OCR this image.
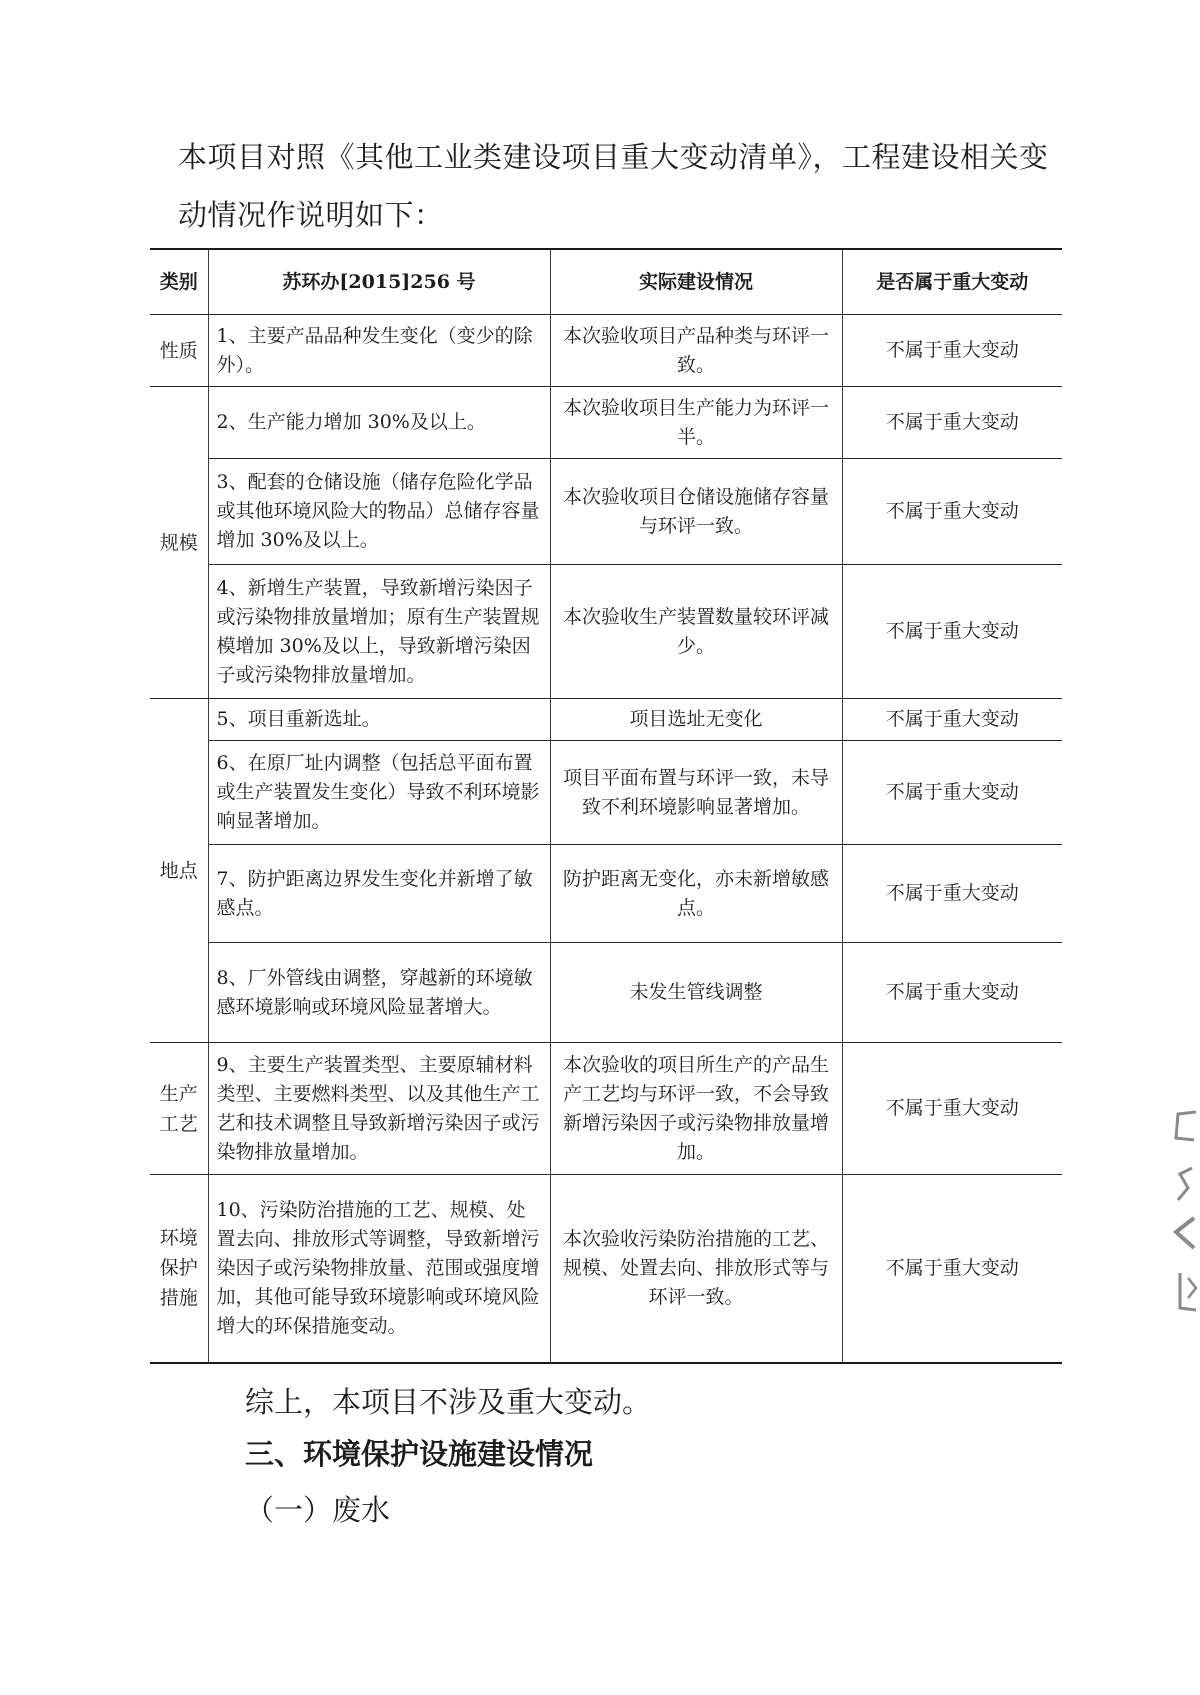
本项目对照《其他工业类建设项目重大变动清单》，工程建设相关变
动情况作说明如下：
类别	苏环办[2015]256 号	实际建设情况	是否属于重大变动

性质	1、主要产品品种发生变化（变少的除外）。	本次验收项目产品种类与环评一致。	不属于重大变动

规模	2、生产能力增加 30%及以上。	本次验收项目生产能力为环评一半。	不属于重大变动
	3、配套的仓储设施（储存危险化学品或其他环境风险大的物品）总储存容量增加 30%及以上。	本次验收项目仓储设施储存容量与环评一致。	不属于重大变动
	4、新增生产装置，导致新增污染因子或污染物排放量增加；原有生产装置规模增加 30%及以上，导致新增污染因子或污染物排放量增加。	本次验收生产装置数量较环评减少。	不属于重大变动

地点	5、项目重新选址。	项目选址无变化	不属于重大变动
	6、在原厂址内调整（包括总平面布置或生产装置发生变化）导致不利环境影响显著增加。	项目平面布置与环评一致，未导致不利环境影响显著增加。	不属于重大变动
	7、防护距离边界发生变化并新增了敏感点。	防护距离无变化，亦未新增敏感点。	不属于重大变动
	8、厂外管线由调整，穿越新的环境敏感环境影响或环境风险显著增大。	未发生管线调整	不属于重大变动

生产工艺	9、主要生产装置类型、主要原辅材料类型、主要燃料类型、以及其他生产工艺和技术调整且导致新增污染因子或污染物排放量增加。	本次验收的项目所生产的产品生产工艺均与环评一致，不会导致新增污染因子或污染物排放量增加。	不属于重大变动

环境保护措施	10、污染防治措施的工艺、规模、处置去向、排放形式等调整，导致新增污染因子或污染物排放量、范围或强度增加，其他可能导致环境影响或环境风险增大的环保措施变动。	本次验收污染防治措施的工艺、规模、处置去向、排放形式等与环评一致。	不属于重大变动
综上，本项目不涉及重大变动。
三、环境保护设施建设情况
（一）废水
